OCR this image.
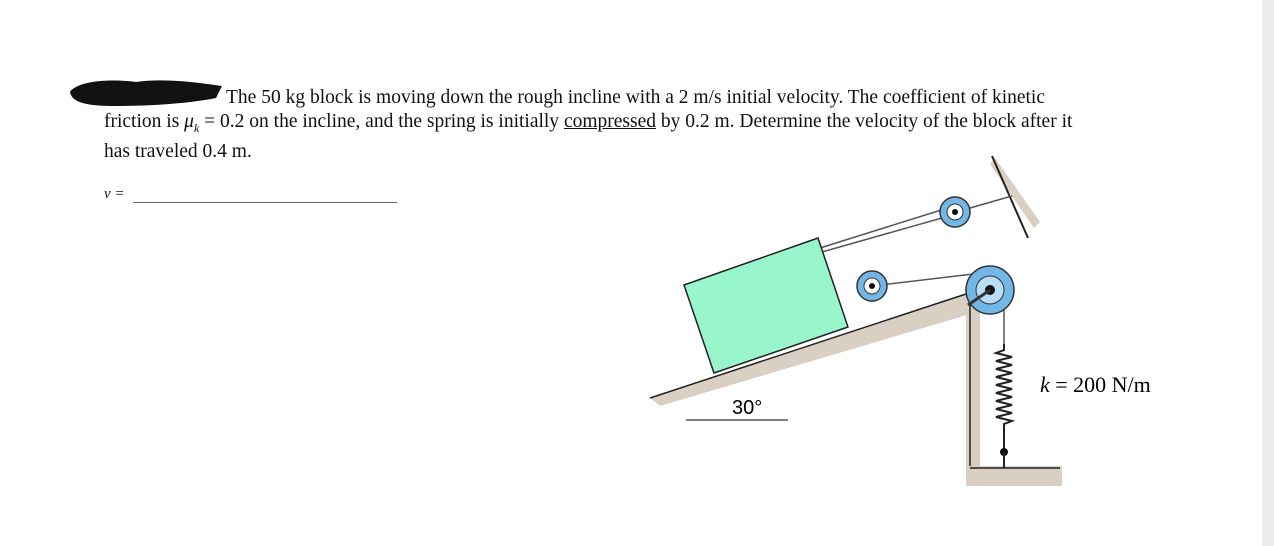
The 50 kg block is moving down the rough incline with a 2 m/s initial velocity. The coefficient of kinetic
friction is $\mu_k = 0.2$ on the incline, and the spring is initially compressed by 0.2 m. Determine the velocity of the block after it
has traveled 0.4 m.
v =
30°
k = 200 N/m
